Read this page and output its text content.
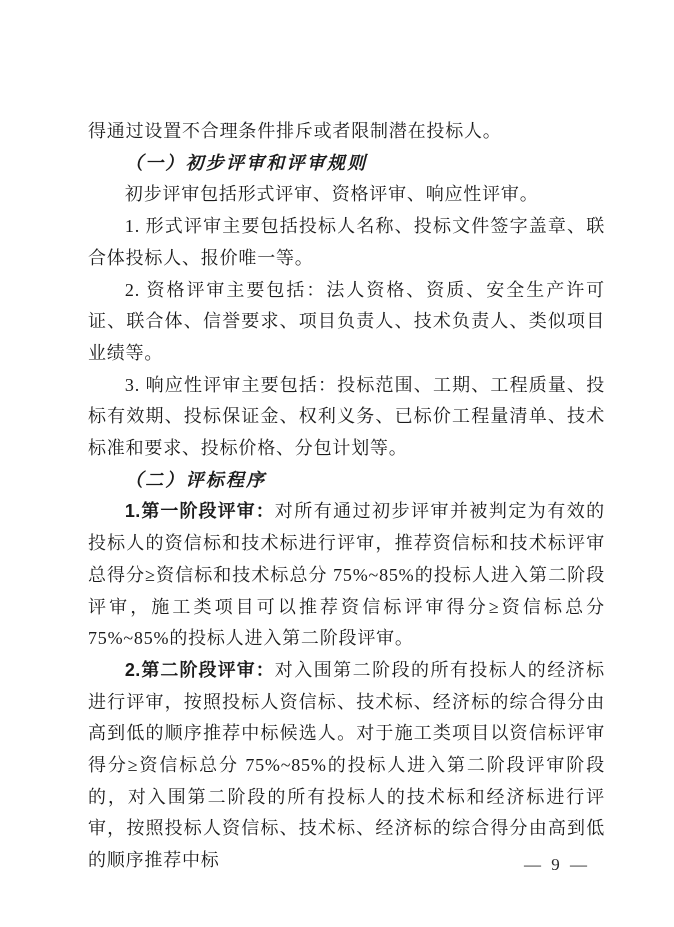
得通过设置不合理条件排斥或者限制潜在投标人。

（一）初步评审和评审规则

初步评审包括形式评审、资格评审、响应性评审。

1. 形式评审主要包括投标人名称、投标文件签字盖章、联合体投标人、报价唯一等。

2. 资格评审主要包括：法人资格、资质、安全生产许可证、联合体、信誉要求、项目负责人、技术负责人、类似项目业绩等。

3. 响应性评审主要包括：投标范围、工期、工程质量、投标有效期、投标保证金、权利义务、已标价工程量清单、技术标准和要求、投标价格、分包计划等。

（二）评标程序

1.第一阶段评审：对所有通过初步评审并被判定为有效的投标人的资信标和技术标进行评审，推荐资信标和技术标评审总得分≥资信标和技术标总分 75%~85%的投标人进入第二阶段评审，施工类项目可以推荐资信标评审得分≥资信标总分 75%~85%的投标人进入第二阶段评审。

2.第二阶段评审：对入围第二阶段的所有投标人的经济标进行评审，按照投标人资信标、技术标、经济标的综合得分由高到低的顺序推荐中标候选人。对于施工类项目以资信标评审得分≥资信标总分 75%~85%的投标人进入第二阶段评审阶段的，对入围第二阶段的所有投标人的技术标和经济标进行评审，按照投标人资信标、技术标、经济标的综合得分由高到低的顺序推荐中标	— 9 —
